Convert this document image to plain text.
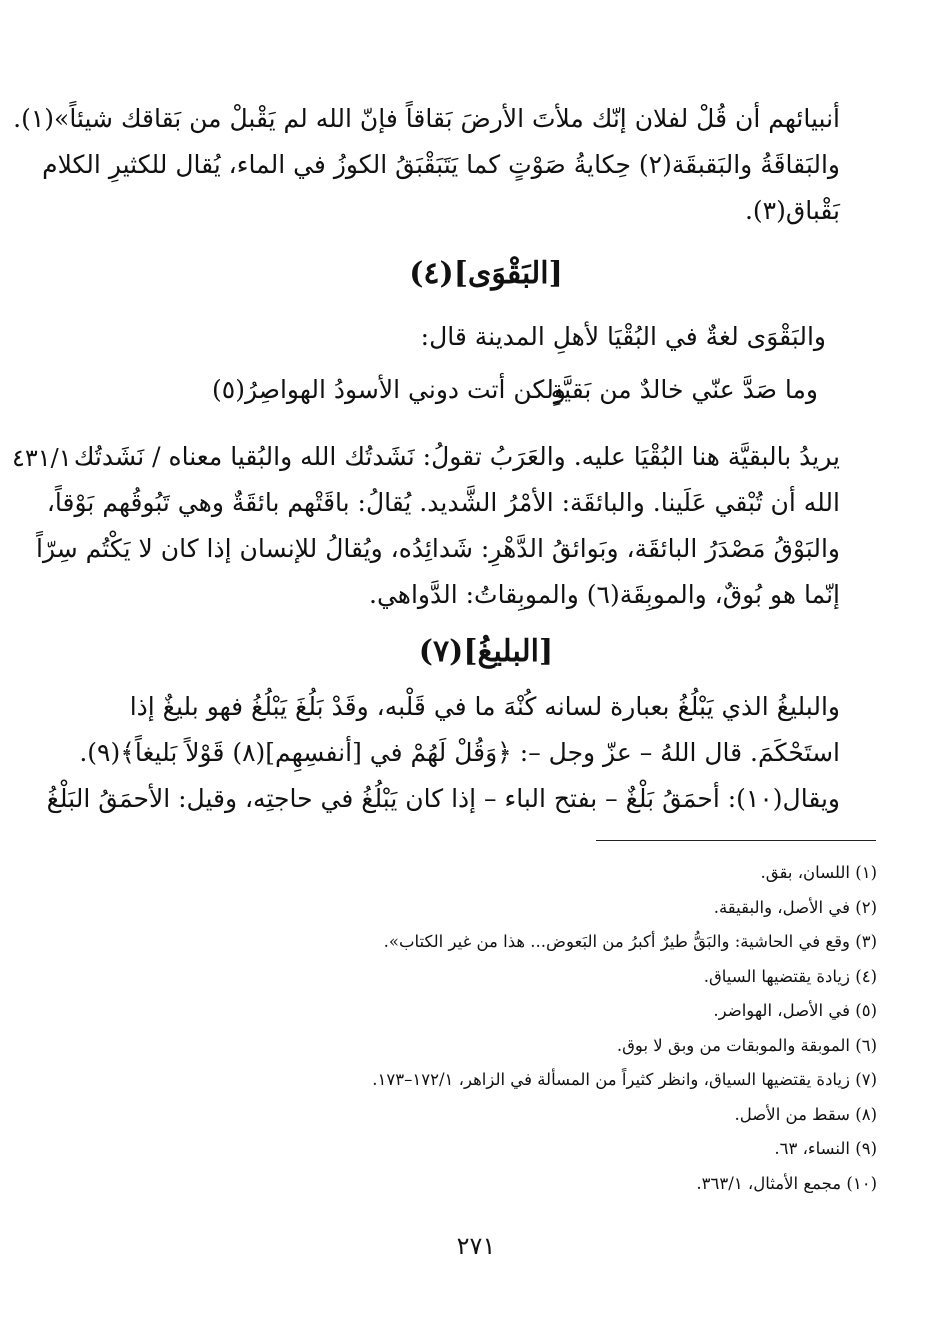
أنبيائهم أن قُلْ لفلان إنّك ملأتَ الأرضَ بَقاقاً فإنّ الله لم يَقْبلْ من بَقاقك شيئاً»(١).
والبَقاقَةُ والبَقبقَة(٢) حِكايةُ صَوْتٍ كما يَتَبَقْبَقُ الكوزُ في الماء، يُقال للكثيرِ الكلام
بَقْباق(٣).
[البَقْوَى](٤)
والبَقْوَى لغةٌ في البُقْيَا لأهلِ المدينة قال:
وما صَدَّ عنّي خالدٌ من بَقيَّةٍ
ولكن أتت دوني الأسودُ الهواصِرُ(٥)
٤٣١/١ يريدُ بالبقيَّة هنا البُقْيَا عليه. والعَرَبُ تقولُ: نَشَدتُك الله والبُقيا معناه / نَشَدتُك
الله أن تُبْقي عَلَينا. والبائقَة: الأمْرُ الشَّديد. يُقالُ: باقَتْهم بائقَةٌ وهي تَبُوقُهم بَوْقاً،
والبَوْقُ مَصْدَرُ البائقَة، وبَوائقُ الدَّهْرِ: شَدائِدُه، ويُقالُ للإنسان إذا كان لا يَكْتُم سِرّاً
إنّما هو بُوقٌ، والموبِقَة(٦) والموبِقاتُ: الدَّواهي.
[البليغُ](٧)
والبليغُ الذي يَبْلُغُ بعبارة لسانه كُنْهَ ما في قَلْبه، وقَدْ بَلُغَ يَبْلُغُ فهو بليغٌ إذا
استَحْكَمَ. قال اللهُ – عزّ وجل –: ﴿وَقُلْ لَهُمْ في [أنفسِهِم](٨) قَوْلاً بَليغاً﴾(٩).
ويقال(١٠): أحمَقُ بَلْغٌ – بفتح الباء – إذا كان يَبْلُغُ في حاجتِه، وقيل: الأحمَقُ البَلْغُ
(١) اللسان، بقق.
(٢) في الأصل، والبقيقة.
(٣) وقع في الحاشية: والبَقُّ طيرٌ أكبرُ من البَعوض... هذا من غير الكتاب».
(٤) زيادة يقتضيها السياق.
(٥) في الأصل، الهواضر.
(٦) الموبقة والموبقات من وبق لا بوق.
(٧) زيادة يقتضيها السياق، وانظر كثيراً من المسألة في الزاهر، ١٧٢/١–١٧٣.
(٨) سقط من الأصل.
(٩) النساء، ٦٣.
(١٠) مجمع الأمثال، ٣٦٣/١.
٢٧١
